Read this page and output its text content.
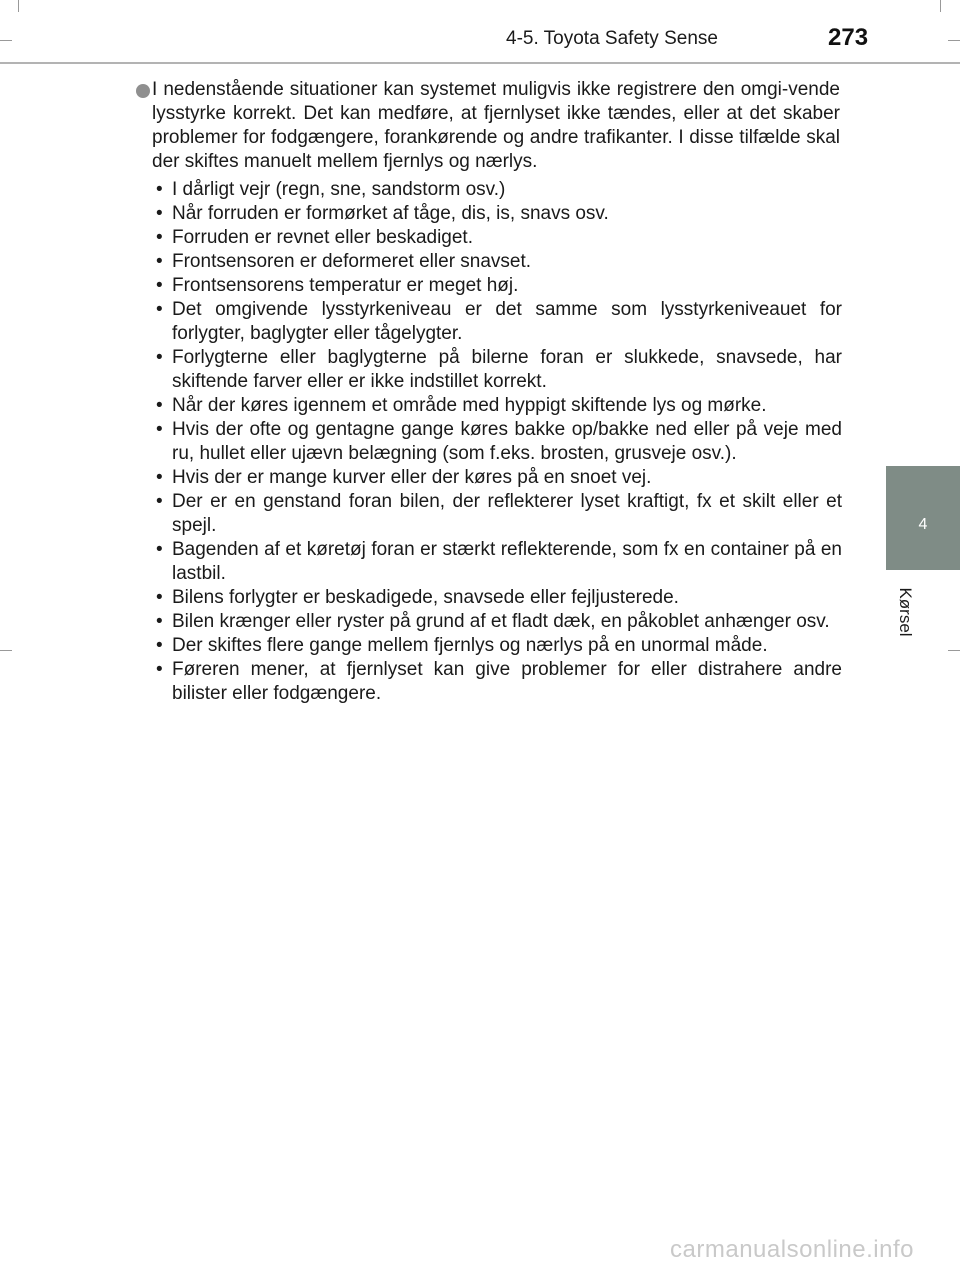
4-5. Toyota Safety Sense	273
4
Kørsel
I nedenstående situationer kan systemet muligvis ikke registrere den omgi-vende lysstyrke korrekt. Det kan medføre, at fjernlyset ikke tændes, eller at det skaber problemer for fodgængere, forankørende og andre trafikanter. I disse tilfælde skal der skiftes manuelt mellem fjernlys og nærlys.
• I dårligt vejr (regn, sne, sandstorm osv.)
• Når forruden er formørket af tåge, dis, is, snavs osv.
• Forruden er revnet eller beskadiget.
• Frontsensoren er deformeret eller snavset.
• Frontsensorens temperatur er meget høj.
• Det omgivende lysstyrkeniveau er det samme som lysstyrkeniveauet for forlygter, baglygter eller tågelygter.
• Forlygterne eller baglygterne på bilerne foran er slukkede, snavsede, har skiftende farver eller er ikke indstillet korrekt.
• Når der køres igennem et område med hyppigt skiftende lys og mørke.
• Hvis der ofte og gentagne gange køres bakke op/bakke ned eller på veje med ru, hullet eller ujævn belægning (som f.eks. brosten, grusveje osv.).
• Hvis der er mange kurver eller der køres på en snoet vej.
• Der er en genstand foran bilen, der reflekterer lyset kraftigt, fx et skilt eller et spejl.
• Bagenden af et køretøj foran er stærkt reflekterende, som fx en container på en lastbil.
• Bilens forlygter er beskadigede, snavsede eller fejljusterede.
• Bilen krænger eller ryster på grund af et fladt dæk, en påkoblet anhænger osv.
• Der skiftes flere gange mellem fjernlys og nærlys på en unormal måde.
• Føreren mener, at fjernlyset kan give problemer for eller distrahere andre bilister eller fodgængere.
carmanualsonline.info
